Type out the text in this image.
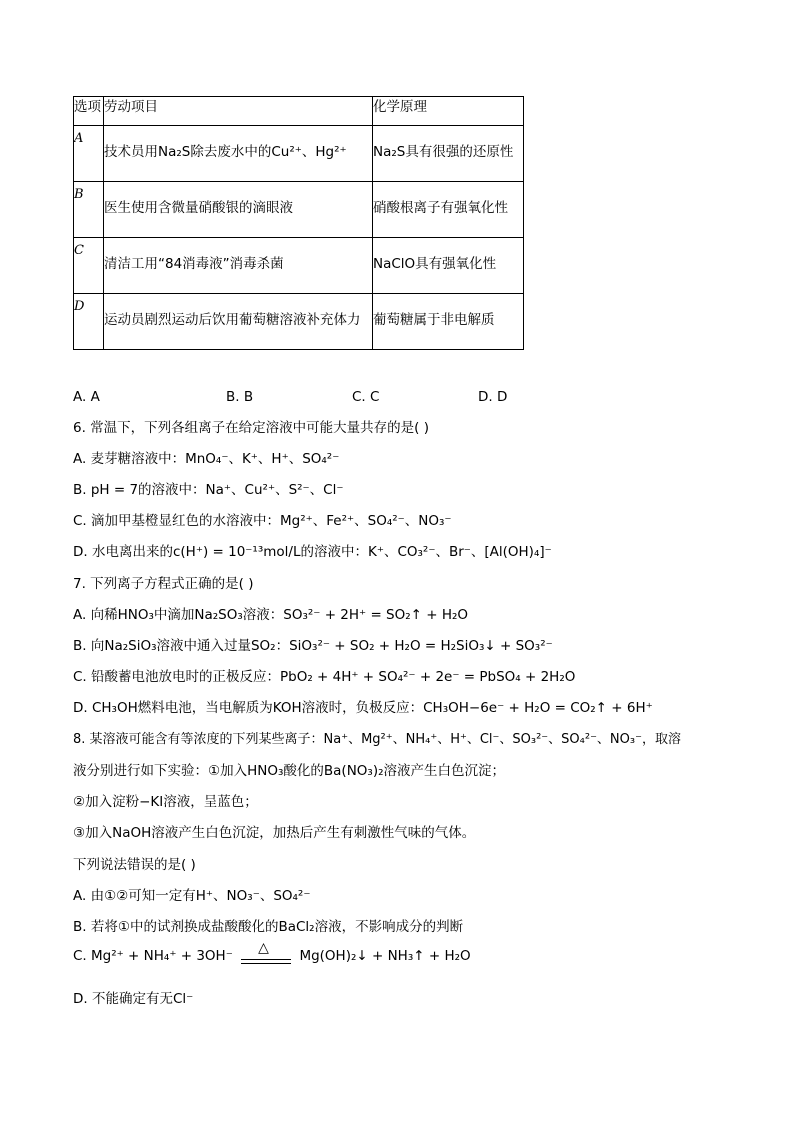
选项	劳动项目	化学原理

A	技术员用Na₂S除去废水中的Cu²⁺、Hg²⁺	Na₂S具有很强的还原性

B	医生使用含微量硝酸银的滴眼液	硝酸根离子有强氧化性

C	清洁工用“84消毒液”消毒杀菌	NaClO具有强氧化性

D	运动员剧烈运动后饮用葡萄糖溶液补充体力	葡萄糖属于非电解质
A. A	B. B	C. C	D. D
6. 常温下，下列各组离子在给定溶液中可能大量共存的是( )
A. 麦芽糖溶液中：MnO₄⁻、K⁺、H⁺、SO₄²⁻
B. pH = 7的溶液中：Na⁺、Cu²⁺、S²⁻、Cl⁻
C. 滴加甲基橙显红色的水溶液中：Mg²⁺、Fe²⁺、SO₄²⁻、NO₃⁻
D. 水电离出来的c(H⁺) = 10⁻¹³mol/L的溶液中：K⁺、CO₃²⁻、Br⁻、[Al(OH)₄]⁻
7. 下列离子方程式正确的是( )
A. 向稀HNO₃中滴加Na₂SO₃溶液：SO₃²⁻ + 2H⁺ = SO₂↑ + H₂O
B. 向Na₂SiO₃溶液中通入过量SO₂：SiO₃²⁻ + SO₂ + H₂O = H₂SiO₃↓ + SO₃²⁻
C. 铅酸蓄电池放电时的正极反应：PbO₂ + 4H⁺ + SO₄²⁻ + 2e⁻ = PbSO₄ + 2H₂O
D. CH₃OH燃料电池，当电解质为KOH溶液时，负极反应：CH₃OH−6e⁻ + H₂O = CO₂↑ + 6H⁺
8. 某溶液可能含有等浓度的下列某些离子：Na⁺、Mg²⁺、NH₄⁺、H⁺、Cl⁻、SO₃²⁻、SO₄²⁻、NO₃⁻，取溶
液分别进行如下实验：①加入HNO₃酸化的Ba(NO₃)₂溶液产生白色沉淀；
②加入淀粉−KI溶液，呈蓝色；
③加入NaOH溶液产生白色沉淀，加热后产生有刺激性气味的气体。
下列说法错误的是( )
A. 由①②可知一定有H⁺、NO₃⁻、SO₄²⁻
B. 若将①中的试剂换成盐酸酸化的BaCl₂溶液，不影响成分的判断
C. Mg²⁺ + NH₄⁺ + 3OH⁻ △ Mg(OH)₂↓ + NH₃↑ + H₂O
D. 不能确定有无Cl⁻
